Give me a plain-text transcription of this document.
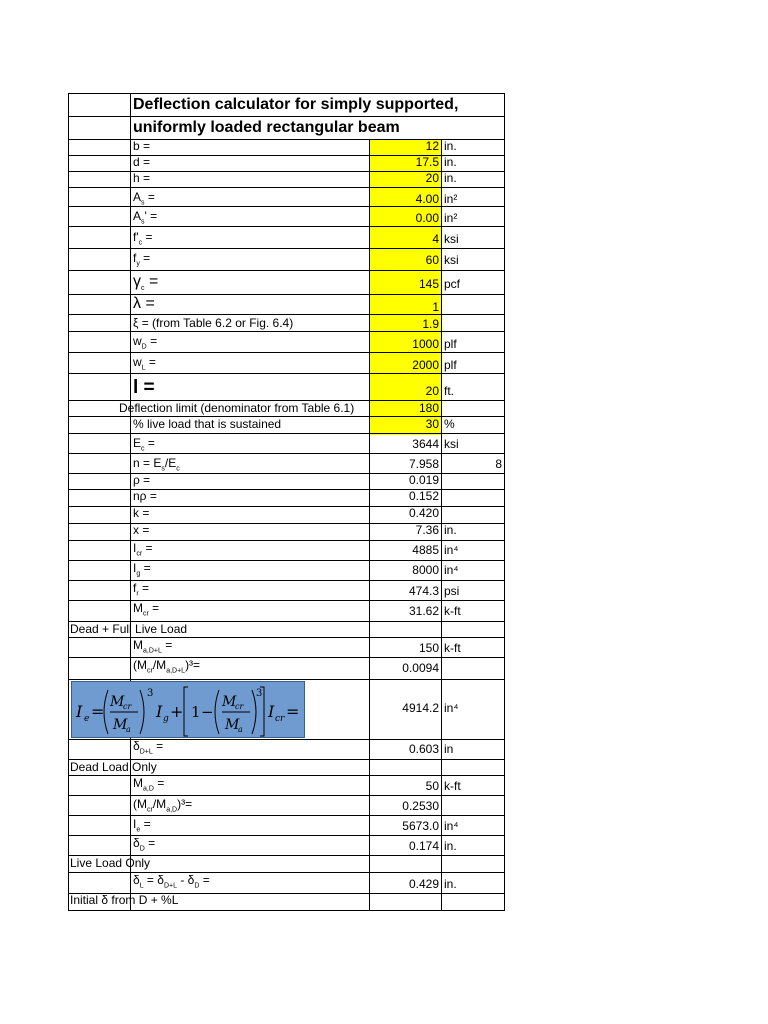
Deflection calculator for simply supported,
uniformly loaded rectangular beam
b =	12 in.
d =	17.5 in.
h =	20 in.
$A_s$ =	4.00 in²
$A_s'$ =	0.00 in²
$f'_c$ =	4 ksi
$f_y$ =	60 ksi
$\gamma_c$ =	145 pcf
λ =	1
ξ = (from Table 6.2 or Fig. 6.4)	1.9
$w_D$ =	1000 plf
$w_L$ =	2000 plf
l =	20 ft.
Deflection limit (denominator from Table 6.1)	180
% live load that is sustained	30 %
$E_c$ =	3644 ksi
$n = E_s/E_c$	7.958	8
ρ =	0.019
nρ =	0.152
k =	0.420
x =	7.36 in.
$I_{cr}$ =	4885 in⁴
$I_g$ =	8000 in⁴
$f_r$ =	474.3 psi
$M_{cr}$ =	31.62 k-ft
Dead + Full Live Load
$M_{a,D+L}$ =	150 k-ft
$(M_{cr}/M_{a,D+L})^3=$	0.0094
I e = M
cr
M
a
3
I g + 1 −
M
cr
M
a
3
I cr =	4914.2 in⁴
$\delta_{D+L}$ =	0.603 in
Dead Load Only
$M_{a,D}$ =	50 k-ft
$(M_{cr}/M_{a,D})^3=$	0.2530
$I_e$ =	5673.0 in⁴
$\delta_D$ =	0.174 in.
Live Load Only
$\delta_L = \delta_{D+L} - \delta_D$ =	0.429 in.
Initial δ from D + %L
